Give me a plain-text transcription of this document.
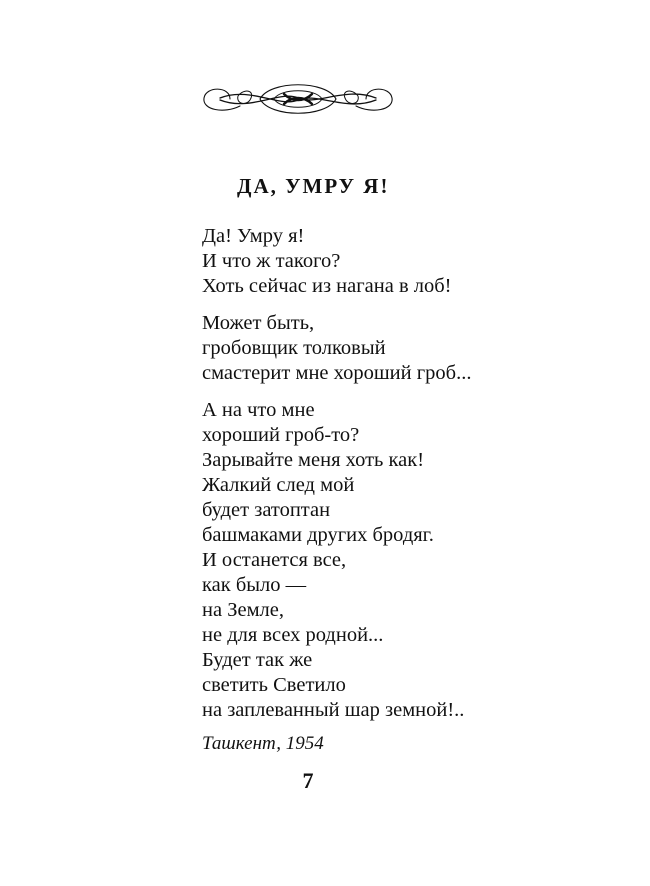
ДА, УМРУ Я!

Да! Умру я!
И что ж такого?
Хоть сейчас из нагана в лоб!

Может быть,
гробовщик толковый
смастерит мне хороший гроб...

А на что мне
хороший гроб-то?
Зарывайте меня хоть как!
Жалкий след мой
будет затоптан
башмаками других бродяг.
И останется все,
как было —
на Земле,
не для всех родной...
Будет так же
светить Светило
на заплеванный шар земной!..

Ташкент, 1954
7
